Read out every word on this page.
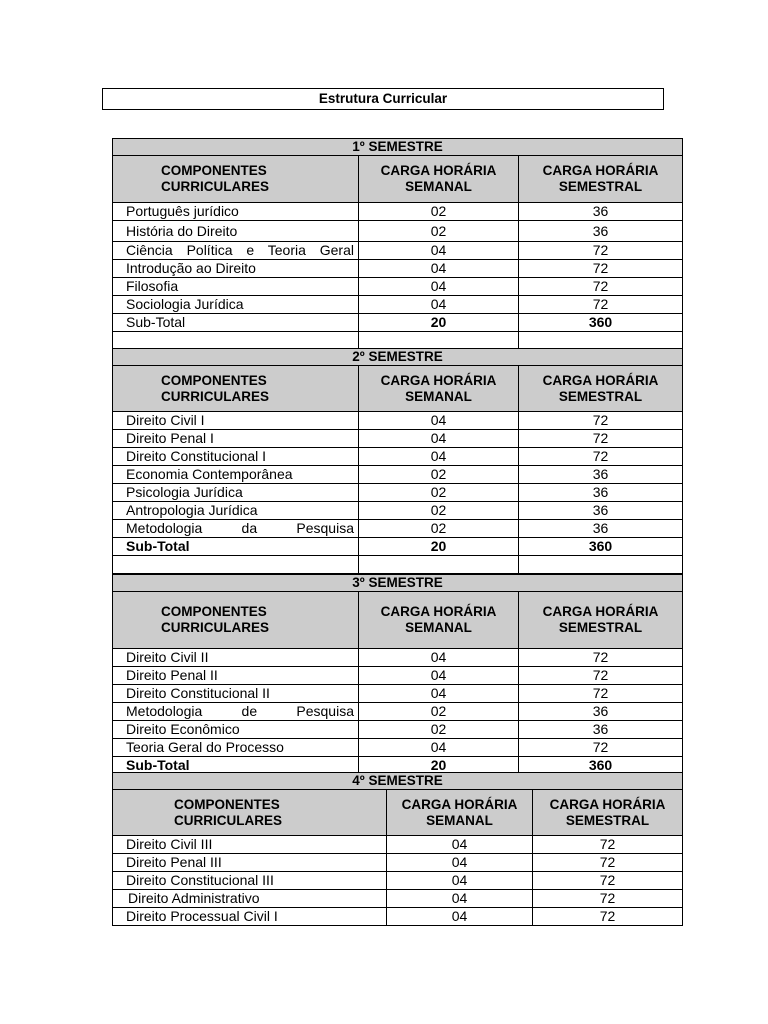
Estrutura Curricular
1º SEMESTRE		
COMPONENTES CURRICULARES	CARGA HORÁRIA SEMANAL	CARGA HORÁRIA SEMESTRAL
Português jurídico	02	36
História do Direito	02	36
Ciência Política e Teoria Geral	04	72
Introdução ao Direito	04	72
Filosofia	04	72
Sociologia Jurídica	04	72
Sub-Total	20	360

2º SEMESTRE		
COMPONENTES CURRICULARES	CARGA HORÁRIA SEMANAL	CARGA HORÁRIA SEMESTRAL
Direito Civil I	04	72
Direito Penal I	04	72
Direito Constitucional I	04	72
Economia Contemporânea	02	36
Psicologia Jurídica	02	36
Antropologia Jurídica	02	36
Metodologia da Pesquisa	02	36
Sub-Total	20	360

3º SEMESTRE		
COMPONENTES CURRICULARES	CARGA HORÁRIA SEMANAL	CARGA HORÁRIA SEMESTRAL
Direito Civil II	04	72
Direito Penal II	04	72
Direito Constitucional II	04	72
Metodologia de Pesquisa	02	36
Direito Econômico	02	36
Teoria Geral do Processo	04	72
Sub-Total	20	360
4º SEMESTRE		
COMPONENTES CURRICULARES	CARGA HORÁRIA SEMANAL	CARGA HORÁRIA SEMESTRAL
Direito Civil III	04	72
Direito Penal III	04	72
Direito Constitucional III	04	72
Direito Administrativo	04	72
Direito Processual Civil I	04	72
